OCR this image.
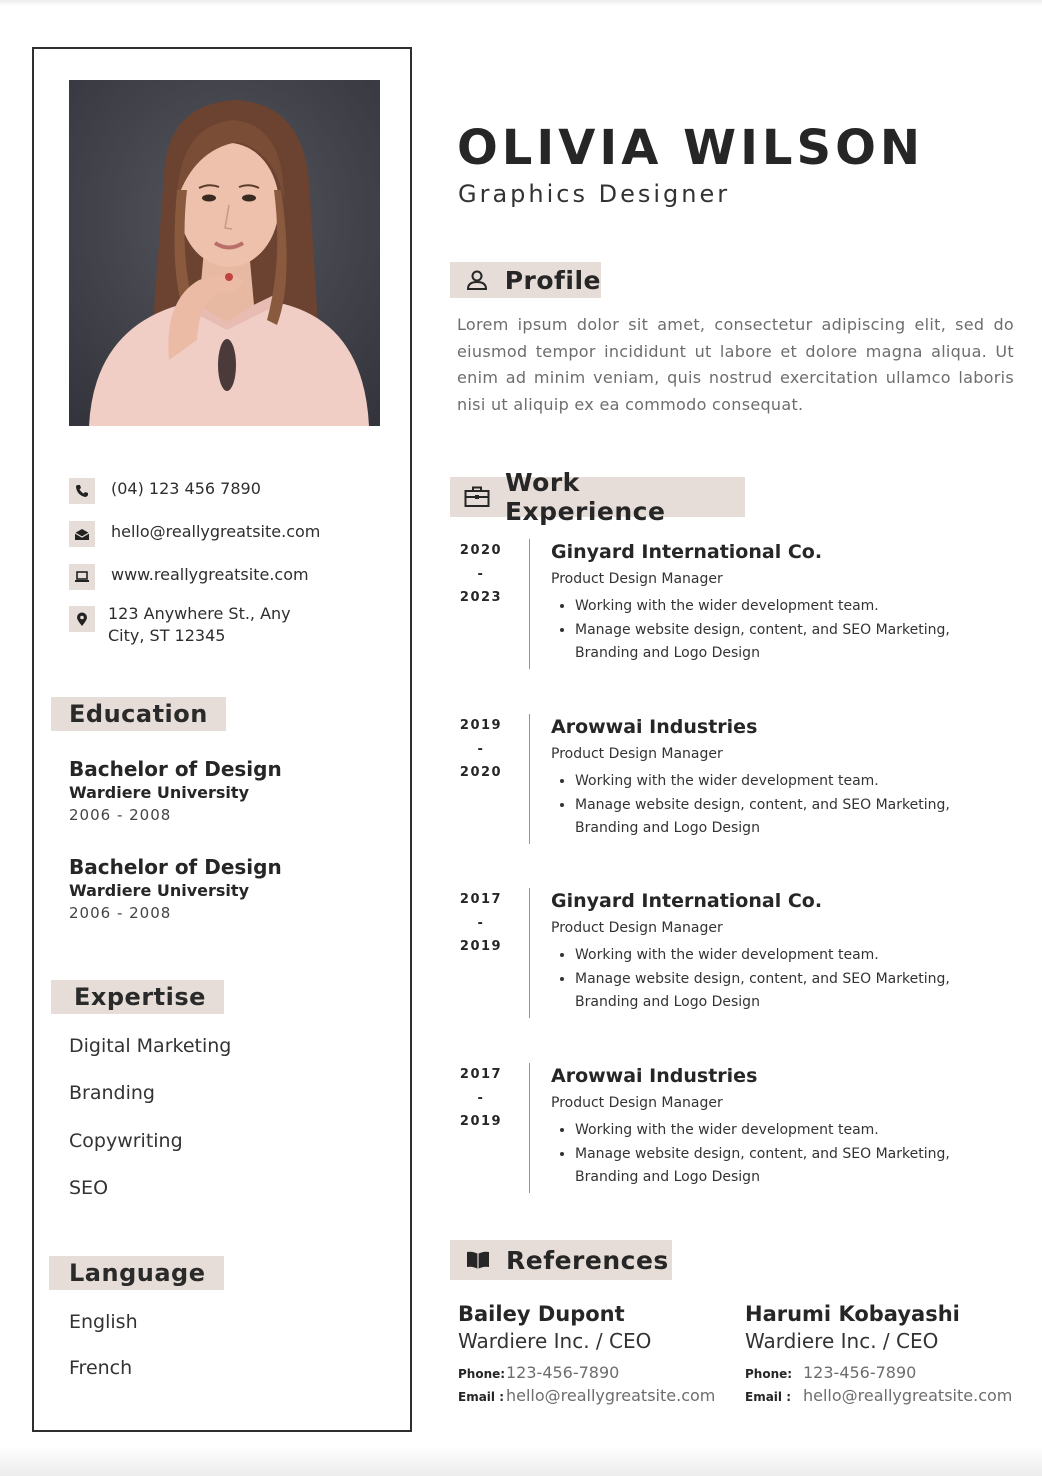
(04) 123 456 7890
hello@reallygreatsite.com
www.reallygreatsite.com
123 Anywhere St., Any
City, ST 12345
Education
Bachelor of Design
Wardiere University
2006 - 2008
Bachelor of Design
Wardiere University
2006 - 2008
Expertise
Digital Marketing
Branding
Copywriting
SEO
Language
English
French
OLIVIA WILSON
Graphics Designer
Profile
Lorem ipsum dolor sit amet, consectetur adipiscing elit, sed do eiusmod tempor incididunt ut labore et dolore magna aliqua. Ut enim ad minim veniam, quis nostrud exercitation ullamco laboris nisi ut aliquip ex ea commodo consequat.
Work Experience
2020
-
2023
Ginyard International Co.
Product Design Manager
• Working with the wider development team.
• Manage website design, content, and SEO Marketing, Branding and Logo Design
2019
-
2020
Arowwai Industries
Product Design Manager
• Working with the wider development team.
• Manage website design, content, and SEO Marketing, Branding and Logo Design
2017
-
2019
Ginyard International Co.
Product Design Manager
• Working with the wider development team.
• Manage website design, content, and SEO Marketing, Branding and Logo Design
2017
-
2019
Arowwai Industries
Product Design Manager
• Working with the wider development team.
• Manage website design, content, and SEO Marketing, Branding and Logo Design
References
Bailey Dupont
Wardiere Inc. / CEO
Phone:123-456-7890
Email : hello@reallygreatsite.com
Harumi Kobayashi
Wardiere Inc. / CEO
Phone: 123-456-7890
Email : hello@reallygreatsite.com
